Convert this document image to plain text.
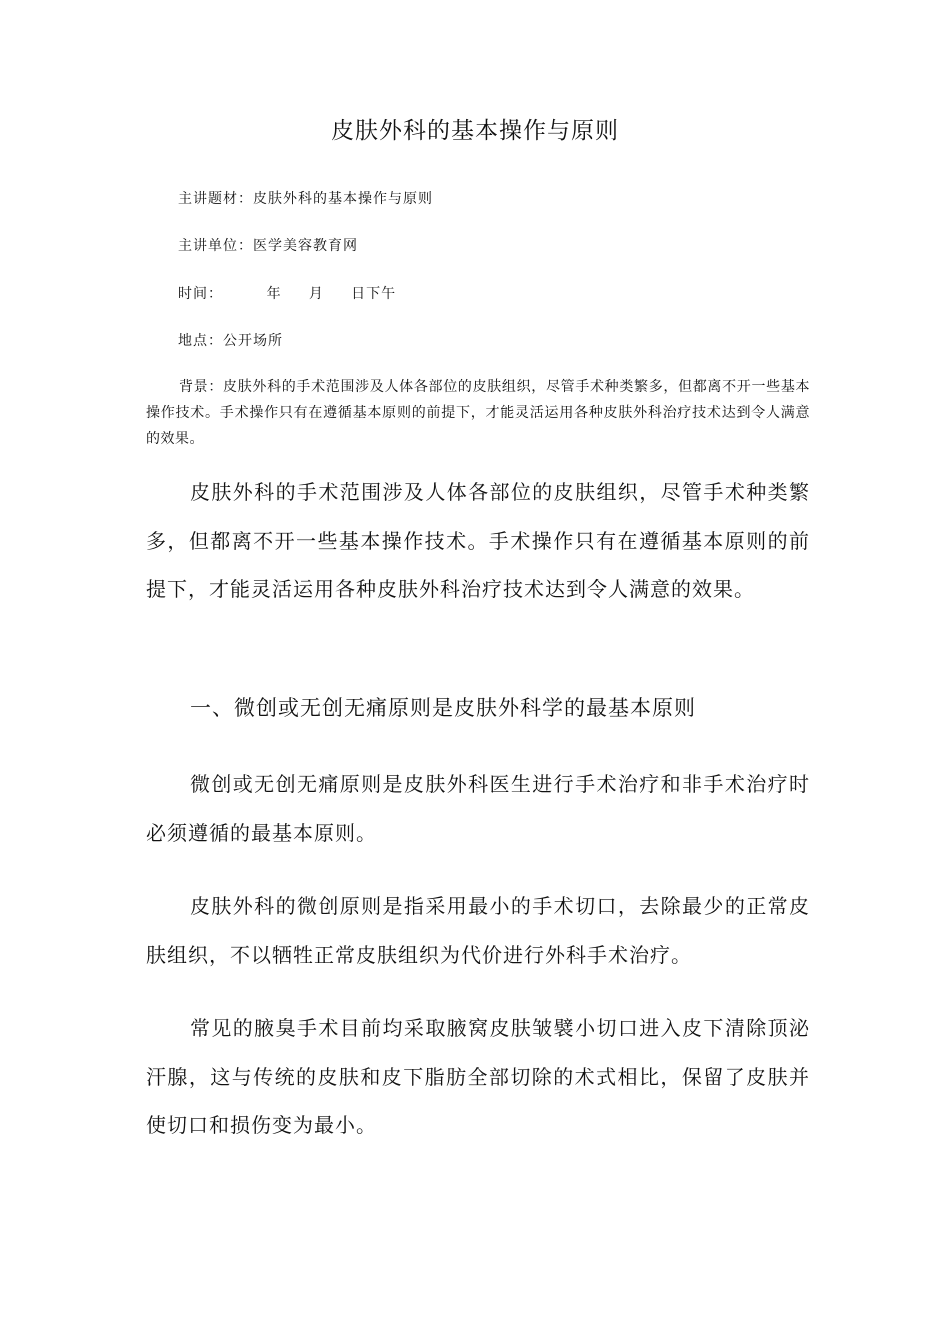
皮肤外科的基本操作与原则
主讲题材：皮肤外科的基本操作与原则
主讲单位：医学美容教育网
时间：        年     月     日下午
地点：公开场所
背景：皮肤外科的手术范围涉及人体各部位的皮肤组织，尽管手术种类繁多，但都离不开一些基本操作技术。手术操作只有在遵循基本原则的前提下，才能灵活运用各种皮肤外科治疗技术达到令人满意的效果。

皮肤外科的手术范围涉及人体各部位的皮肤组织，尽管手术种类繁多，但都离不开一些基本操作技术。手术操作只有在遵循基本原则的前提下，才能灵活运用各种皮肤外科治疗技术达到令人满意的效果。

一、微创或无创无痛原则是皮肤外科学的最基本原则

微创或无创无痛原则是皮肤外科医生进行手术治疗和非手术治疗时必须遵循的最基本原则。

皮肤外科的微创原则是指采用最小的手术切口，去除最少的正常皮肤组织，不以牺牲正常皮肤组织为代价进行外科手术治疗。

常见的腋臭手术目前均采取腋窝皮肤皱襞小切口进入皮下清除顶泌汗腺，这与传统的皮肤和皮下脂肪全部切除的术式相比，保留了皮肤并使切口和损伤变为最小。
